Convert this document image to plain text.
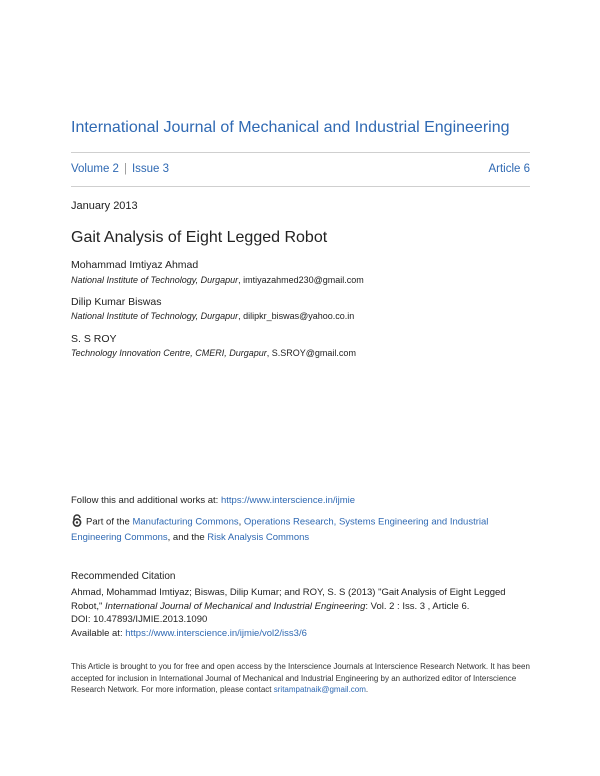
International Journal of Mechanical and Industrial Engineering
Volume 2 | Issue 3	Article 6
January 2013
Gait Analysis of Eight Legged Robot
Mohammad Imtiyaz Ahmad
National Institute of Technology, Durgapur, imtiyazahmed230@gmail.com
Dilip Kumar Biswas
National Institute of Technology, Durgapur, dilipkr_biswas@yahoo.co.in
S. S ROY
Technology Innovation Centre, CMERI, Durgapur, S.SROY@gmail.com
Follow this and additional works at: https://www.interscience.in/ijmie
Part of the Manufacturing Commons, Operations Research, Systems Engineering and Industrial
Engineering Commons, and the Risk Analysis Commons
Recommended Citation
Ahmad, Mohammad Imtiyaz; Biswas, Dilip Kumar; and ROY, S. S (2013) "Gait Analysis of Eight Legged
Robot," International Journal of Mechanical and Industrial Engineering: Vol. 2 : Iss. 3 , Article 6.
DOI: 10.47893/IJMIE.2013.1090
Available at: https://www.interscience.in/ijmie/vol2/iss3/6
This Article is brought to you for free and open access by the Interscience Journals at Interscience Research Network. It has been accepted for inclusion in International Journal of Mechanical and Industrial Engineering by an authorized editor of Interscience Research Network. For more information, please contact sritampatnaik@gmail.com.
